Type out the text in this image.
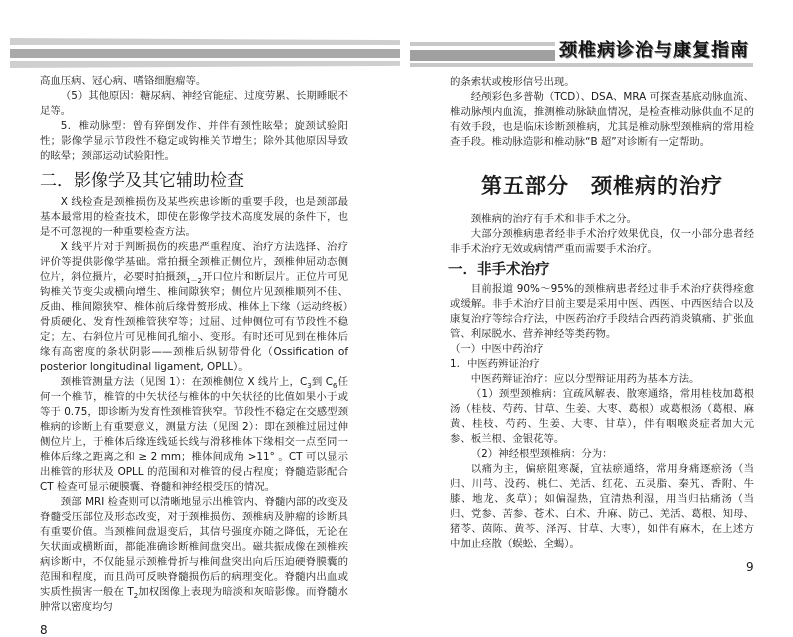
颈椎病诊治与康复指南

高血压病、冠心病、嗜铬细胞瘤等。

（5）其他原因：糖尿病、神经官能症、过度劳累、长期睡眠不足等。

5．椎动脉型：曾有猝倒发作、并伴有颈性眩晕；旋颈试验阳性；影像学显示节段性不稳定或钩椎关节增生；除外其他原因导致的眩晕；颈部运动试验阳性。

二．影像学及其它辅助检查

X 线检查是颈椎损伤及某些疾患诊断的重要手段，也是颈部最基本最常用的检查技术，即使在影像学技术高度发展的条件下，也是不可忽视的一种重要检查方法。

X 线平片对于判断损伤的疾患严重程度、治疗方法选择、治疗评价等提供影像学基础。常拍摄全颈椎正侧位片，颈椎伸屈动态侧位片，斜位摄片，必要时拍摄颈$_{1-2}$开口位片和断层片。正位片可见钩椎关节变尖或横向增生、椎间隙狭窄；侧位片见颈椎顺列不佳、反曲、椎间隙狭窄、椎体前后缘骨赘形成、椎体上下缘（运动终板）骨质硬化、发育性颈椎管狭窄等；过屈、过伸侧位可有节段性不稳定；左、右斜位片可见椎间孔缩小、变形。有时还可见到在椎体后缘有高密度的条状阴影——颈椎后纵韧带骨化（Ossification of posterior longitudinal ligament, OPLL）。

颈椎管测量方法（见图 1）：在颈椎侧位 X 线片上，$C_3$到 $C_6$任何一个椎节，椎管的中矢状径与椎体的中矢状径的比值如果小于或等于 0.75，即诊断为发育性颈椎管狭窄。节段性不稳定在交感型颈椎病的诊断上有重要意义，测量方法（见图 2）：即在颈椎过屈过伸侧位片上，于椎体后缘连线延长线与滑移椎体下缘相交一点至同一椎体后缘之距离之和 ≥ 2 mm；椎体间成角 >11° 。CT 可以显示出椎管的形状及 OPLL 的范围和对椎管的侵占程度；脊髓造影配合 CT 检查可显示硬膜囊、脊髓和神经根受压的情况。

颈部 MRI 检查则可以清晰地显示出椎管内、脊髓内部的改变及脊髓受压部位及形态改变，对于颈椎损伤、颈椎病及肿瘤的诊断具有重要价值。当颈椎间盘退变后，其信号强度亦随之降低，无论在矢状面或横断面，都能准确诊断椎间盘突出。磁共振成像在颈椎疾病诊断中，不仅能显示颈椎骨折与椎间盘突出向后压迫硬脊膜囊的范围和程度，而且尚可反映脊髓损伤后的病理变化。脊髓内出血或实质性损害一般在 $T_2$加权图像上表现为暗淡和灰暗影像。而脊髓水肿常以密度均匀

8

的条索状或梭形信号出现。

经颅彩色多普勒（TCD）、DSA、MRA 可探查基底动脉血流、椎动脉颅内血流，推测椎动脉缺血情况，是检查椎动脉供血不足的有效手段，也是临床诊断颈椎病，尤其是椎动脉型颈椎病的常用检查手段。椎动脉造影和椎动脉“B 超”对诊断有一定帮助。

第五部分　颈椎病的治疗

颈椎病的治疗有手术和非手术之分。

大部分颈椎病患者经非手术治疗效果优良，仅一小部分患者经非手术治疗无效或病情严重而需要手术治疗。

一．非手术治疗

目前报道 90%～95%的颈椎病患者经过非手术治疗获得痊愈或缓解。非手术治疗目前主要是采用中医、西医、中西医结合以及康复治疗等综合疗法，中医药治疗手段结合西药消炎镇痛、扩张血管、利尿脱水、营养神经等类药物。

（一）中医中药治疗

1．中医药辨证治疗

中医药辩证治疗：应以分型辩证用药为基本方法。

（1）颈型颈椎病：宜疏风解表、散寒通络，常用桂枝加葛根汤（桂枝、芍药、甘草、生姜、大枣、葛根）或葛根汤（葛根、麻黄、桂枝、芍药、生姜、大枣、甘草），伴有咽喉炎症者加大元参、板兰根、金银花等。

（2）神经根型颈椎病：分为：

以痛为主，偏瘀阻寒凝，宜祛瘀通络，常用身痛逐瘀汤（当归、川芎、没药、桃仁、羌活、红花、五灵脂、秦艽、香附、牛膝、地龙、炙草）；如偏湿热，宜清热利湿，用当归拈痛汤（当归、党参、苦参、苍术、白术、升麻、防己、羌活、葛根、知母、猪苓、茵陈、黄芩、泽泻、甘草、大枣），如伴有麻木，在上述方中加止痉散（蜈蚣、全蝎）。

9
